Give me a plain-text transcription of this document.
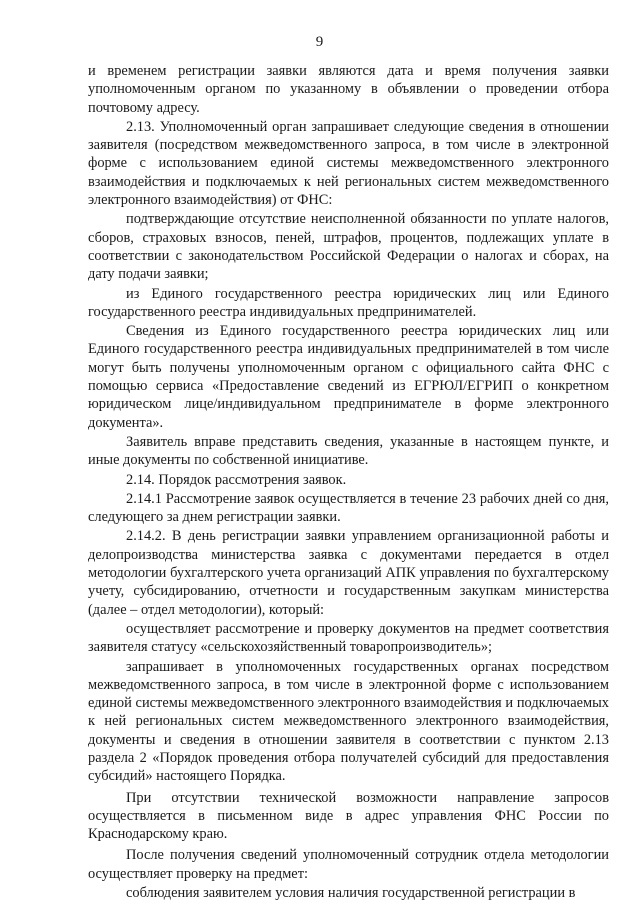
9

и временем регистрации заявки являются дата и время получения заявки уполномоченным органом по указанному в объявлении о проведении отбора почтовому адресу.

2.13. Уполномоченный орган запрашивает следующие сведения в отношении заявителя (посредством межведомственного запроса, в том числе в электронной форме с использованием единой системы межведомственного электронного взаимодействия и подключаемых к ней региональных систем межведомственного электронного взаимодействия) от ФНС:

подтверждающие отсутствие неисполненной обязанности по уплате налогов, сборов, страховых взносов, пеней, штрафов, процентов, подлежащих уплате в соответствии с законодательством Российской Федерации о налогах и сборах, на дату подачи заявки;

из Единого государственного реестра юридических лиц или Единого государственного реестра индивидуальных предпринимателей.

Сведения из Единого государственного реестра юридических лиц или Единого государственного реестра индивидуальных предпринимателей в том числе могут быть получены уполномоченным органом с официального сайта ФНС с помощью сервиса «Предоставление сведений из ЕГРЮЛ/ЕГРИП о конкретном юридическом лице/индивидуальном предпринимателе в форме электронного документа».

Заявитель вправе представить сведения, указанные в настоящем пункте, и иные документы по собственной инициативе.

2.14. Порядок рассмотрения заявок.

2.14.1 Рассмотрение заявок осуществляется в течение 23 рабочих дней со дня, следующего за днем регистрации заявки.

2.14.2. В день регистрации заявки управлением организационной работы и делопроизводства министерства заявка с документами передается в отдел методологии бухгалтерского учета организаций АПК управления по бухгалтерскому учету, субсидированию, отчетности и государственным закупкам министерства (далее – отдел методологии), который:

осуществляет рассмотрение и проверку документов на предмет соответствия заявителя статусу «сельскохозяйственный товаропроизводитель»;

запрашивает в уполномоченных государственных органах посредством межведомственного запроса, в том числе в электронной форме с использованием единой системы межведомственного электронного взаимодействия и подключаемых к ней региональных систем межведомственного электронного взаимодействия, документы и сведения в отношении заявителя в соответствии с пунктом 2.13 раздела 2 «Порядок проведения отбора получателей субсидий для предоставления субсидий» настоящего Порядка.

При отсутствии технической возможности направление запросов осуществляется в письменном виде в адрес управления ФНС России по Краснодарскому краю.

После получения сведений уполномоченный сотрудник отдела методологии осуществляет проверку на предмет:

соблюдения заявителем условия наличия государственной регистрации в
